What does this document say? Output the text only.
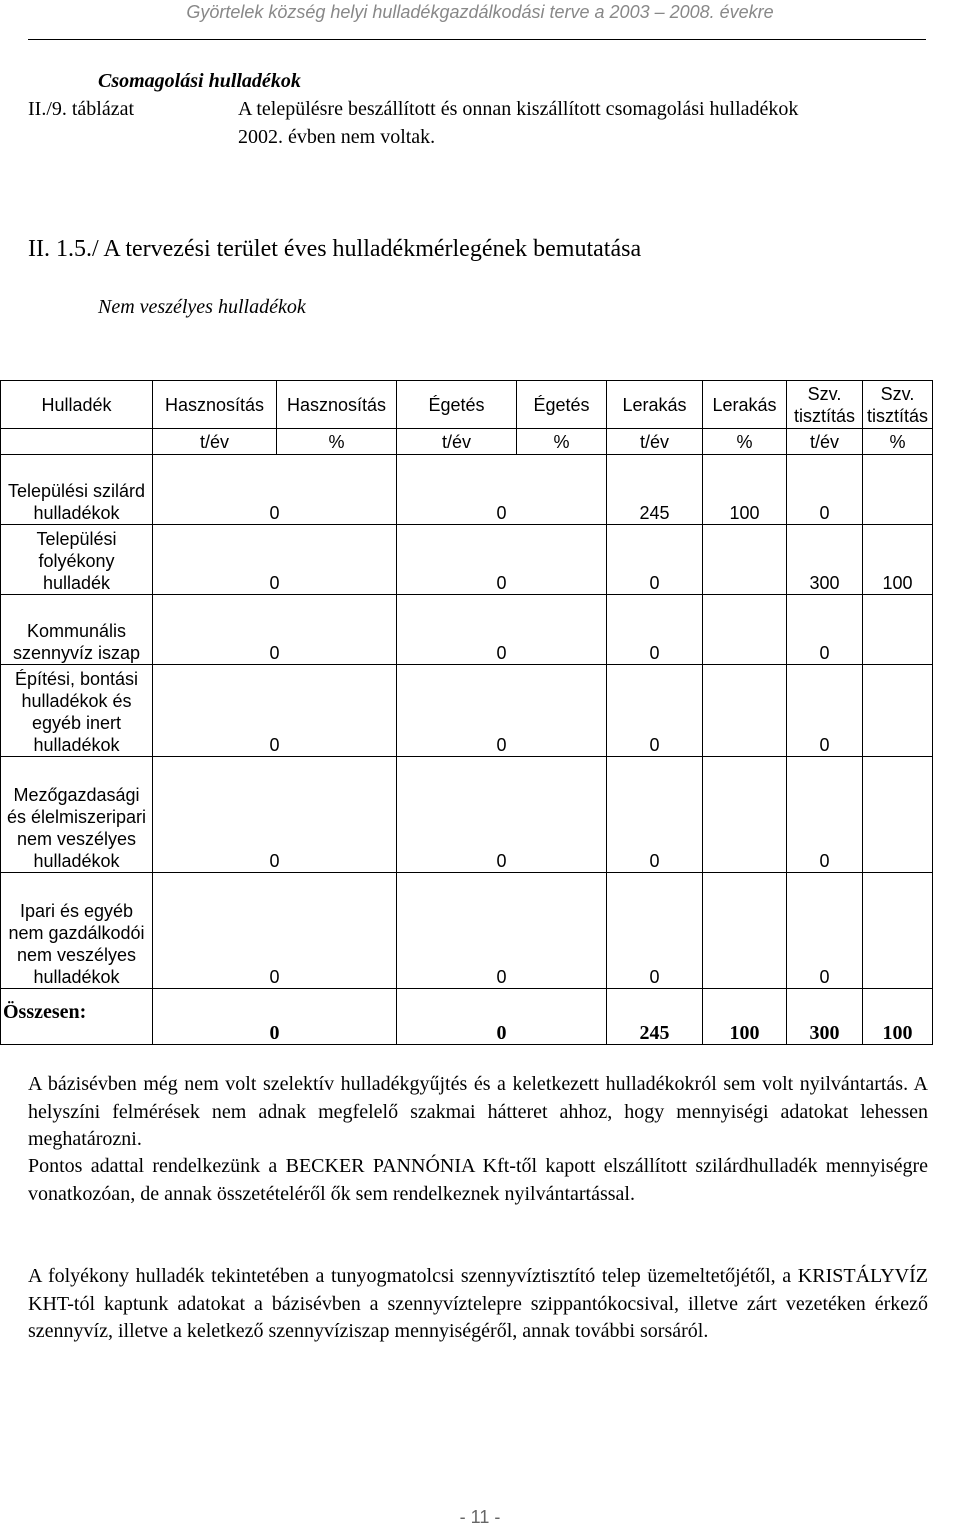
Györtelek község helyi hulladékgazdálkodási terve a 2003 – 2008. évekre
Csomagolási hulladékok
II./9. táblázat	A településre beszállított és onnan kiszállított csomagolási hulladékok
2002. évben nem voltak.
II. 1.5./ A tervezési terület éves hulladékmérlegének bemutatása
Nem veszélyes hulladékok
Hulladék	Hasznosítás	Hasznosítás	Égetés	Égetés	Lerakás	Lerakás	Szv. tisztítás	Szv. tisztítás
	t/év	%	t/év	%	t/év	%	t/év	%
Települési szilárd hulladékok	0		0		245	100	0	
Települési folyékony hulladék	0		0		0		300	100
Kommunális szennyvíz iszap	0		0		0		0	
Építési, bontási hulladékok és egyéb inert hulladékok	0		0		0		0	
Mezőgazdasági és élelmiszeripari nem veszélyes hulladékok	0		0		0		0	
Ipari és egyéb nem gazdálkodói nem veszélyes hulladékok	0		0		0		0	
Összesen:	0		0		245	100	300	100
A bázisévben még nem volt szelektív hulladékgyűjtés és a keletkezett hulladékokról sem volt nyilvántartás. A helyszíni felmérések nem adnak megfelelő szakmai hátteret ahhoz, hogy mennyiségi adatokat lehessen meghatározni.
Pontos adattal rendelkezünk a BECKER PANNÓNIA Kft-től kapott elszállított szilárdhulladék mennyiségre vonatkozóan, de annak összetételéről ők sem rendelkeznek nyilvántartással.
A folyékony hulladék tekintetében a tunyogmatolcsi szennyvíztisztító telep üzemeltetőjétől, a KRISTÁLYVÍZ KHT-tól kaptunk adatokat a bázisévben a szennyvíztelepre szippantókocsival, illetve zárt vezetéken érkező szennyvíz, illetve a keletkező szennyvíziszap mennyiségéről, annak további sorsáról.
- 11 -
